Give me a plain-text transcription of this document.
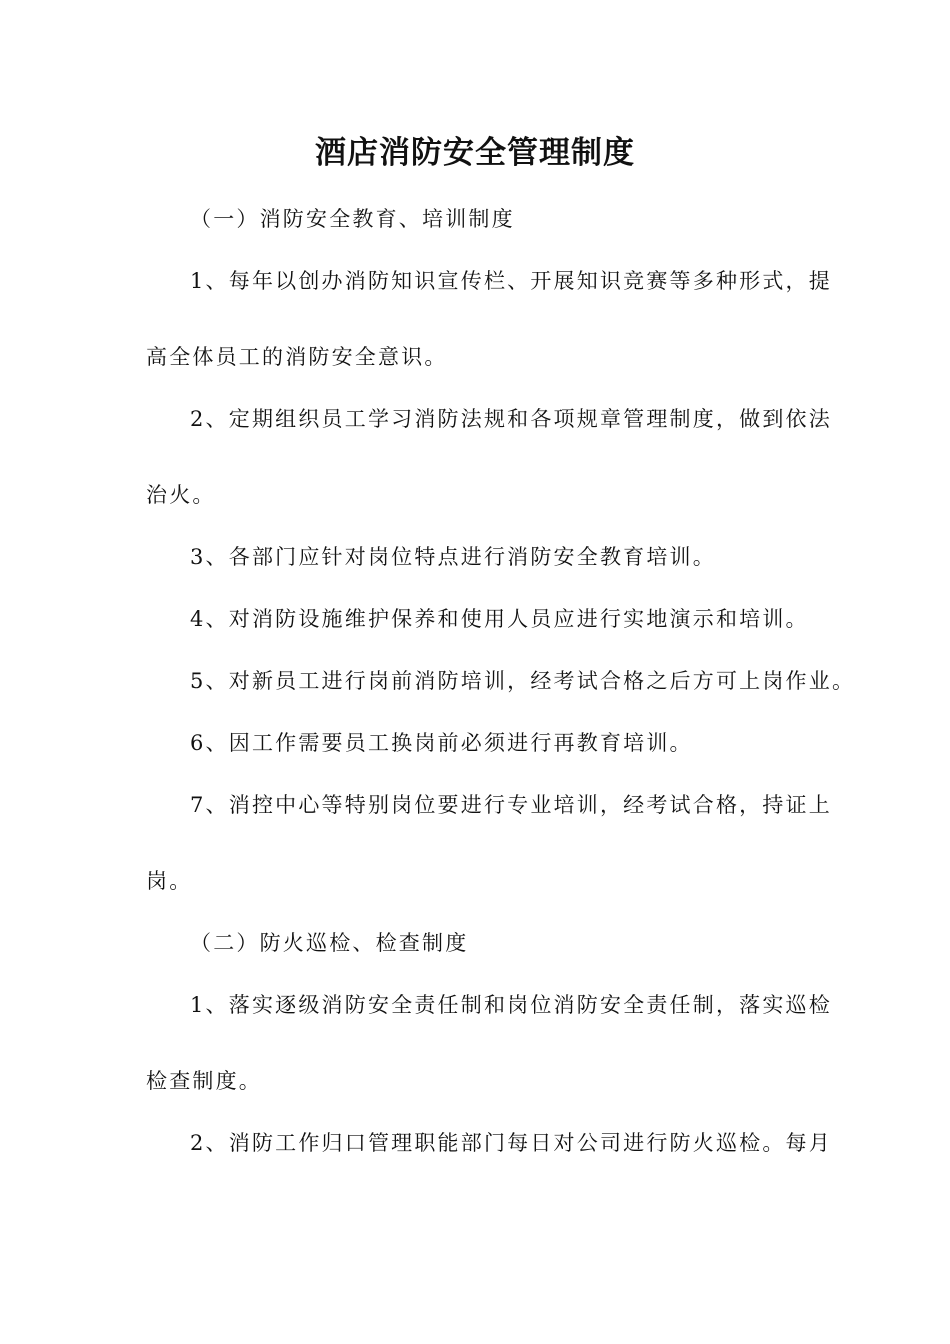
酒店消防安全管理制度
（一）消防安全教育、培训制度
1、每年以创办消防知识宣传栏、开展知识竞赛等多种形式，提
高全体员工的消防安全意识。
2、定期组织员工学习消防法规和各项规章管理制度，做到依法
治火。
3、各部门应针对岗位特点进行消防安全教育培训。
4、对消防设施维护保养和使用人员应进行实地演示和培训。
5、对新员工进行岗前消防培训，经考试合格之后方可上岗作业。
6、因工作需要员工换岗前必须进行再教育培训。
7、消控中心等特别岗位要进行专业培训，经考试合格，持证上
岗。
（二）防火巡检、检查制度
1、落实逐级消防安全责任制和岗位消防安全责任制，落实巡检
检查制度。
2、消防工作归口管理职能部门每日对公司进行防火巡检。每月
